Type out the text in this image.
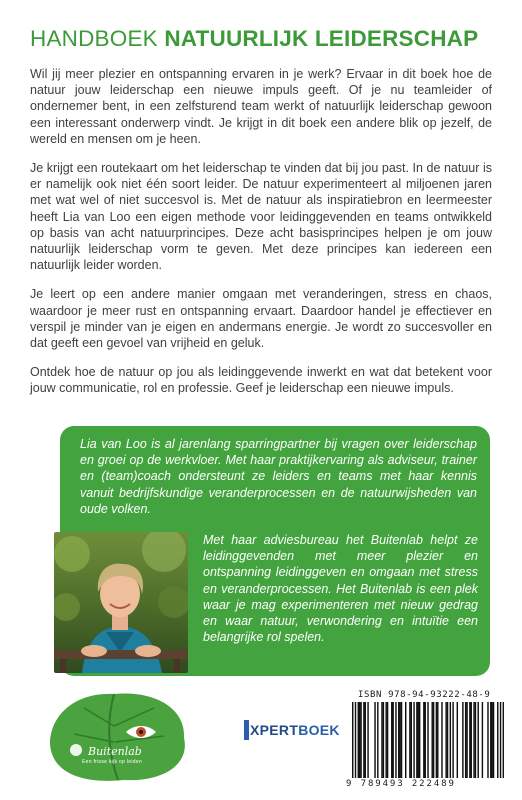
HANDBOEK NATUURLIJK LEIDERSCHAP

Wil jij meer plezier en ontspanning ervaren in je werk? Ervaar in dit boek hoe de natuur jouw leiderschap een nieuwe impuls geeft. Of je nu teamleider of ondernemer bent, in een zelfsturend team werkt of natuurlijk leiderschap gewoon een interessant onderwerp vindt. Je krijgt in dit boek een andere blik op jezelf, de wereld en mensen om je heen.

Je krijgt een routekaart om het leiderschap te vinden dat bij jou past. In de natuur is er namelijk ook niet één soort leider. De natuur experimenteert al miljoenen jaren met wat wel of niet succesvol is. Met de natuur als inspiratiebron en leermeester heeft Lia van Loo een eigen methode voor leidinggevenden en teams ontwikkeld op basis van acht natuurprincipes. Deze acht basisprincipes helpen je om jouw natuurlijk leiderschap vorm te geven. Met deze principes kan iedereen een natuurlijk leider worden.

Je leert op een andere manier omgaan met veranderingen, stress en chaos, waardoor je meer rust en ontspanning ervaart. Daardoor handel je effectiever en verspil je minder van je eigen en andermans energie. Je wordt zo succesvoller en dat geeft een gevoel van vrijheid en geluk.

Ontdek hoe de natuur op jou als leidinggevende inwerkt en wat dat betekent voor jouw communicatie, rol en professie. Geef je leiderschap een nieuwe impuls.

Lia van Loo is al jarenlang sparringpartner bij vragen over leiderschap en groei op de werkvloer. Met haar praktijkervaring als adviseur, trainer en (team)coach ondersteunt ze leiders en teams met haar kennis vanuit bedrijfskundige veranderprocessen en de natuurwijsheden van oude volken.

Met haar adviesbureau het Buitenlab helpt ze leidinggevenden met meer plezier en ontspanning leidinggeven en omgaan met stress en veranderprocessen. Het Buitenlab is een plek waar je mag experimenteren met nieuw gedrag en waar natuur, verwondering en intuïtie een belangrijke rol spelen.

Buitenlab
Een frisse kijk op leiden
XPERTBOEK
ISBN 978-94-93222-48-9
9 789493 222489
